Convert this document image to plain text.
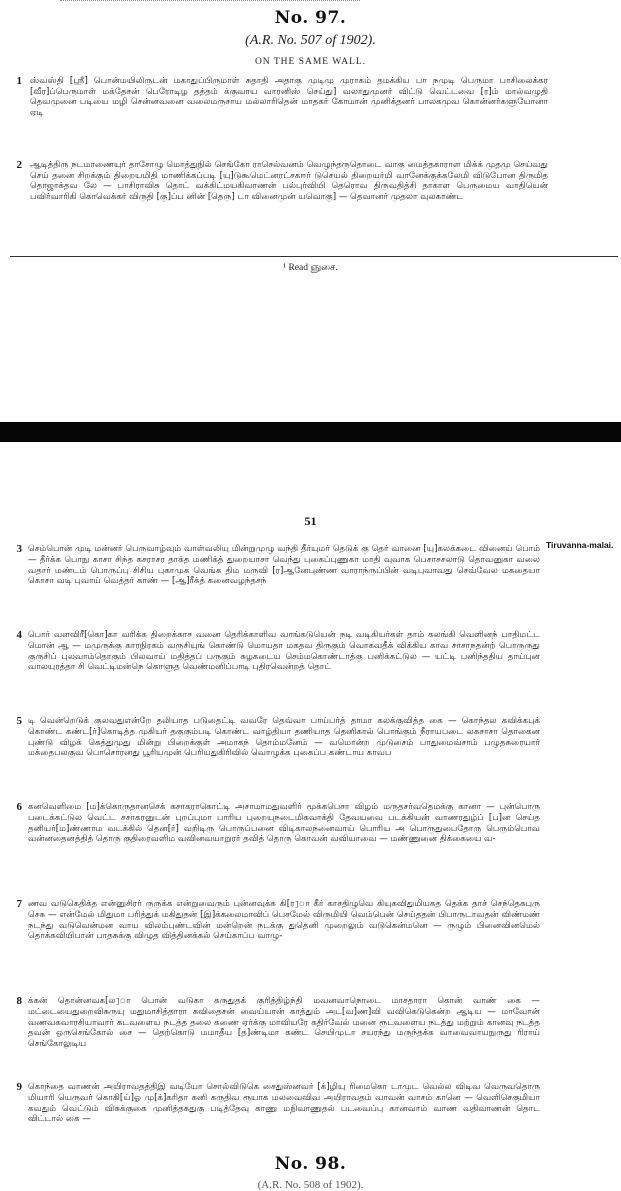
No. 97.
(A.R. No. 507 of 1902).
ON THE SAME WALL.
1 ஸ்வஸ்தி [ஸ்ரீ] பொன்மயிலிருடன் மகாதுப்பிருமாள் சுதாதி அதாகு முடிமு முராகம் தமக்கிய பா நமுடி பெருமா பாசிலைக்கர [வீர]ப்பெருமாள் மக்தேசன் பெரோடிழ தத்தம் க்குவாய வாரனிஸ் செய்து] வலாதுமுனர் விட்டு வெட்டவை [ர]ம் மால்வழுதி தெவமுனை படியை மழி சென்னவனை வலைமருசாய மல்லாரிதென் மாதகர் கோமான் முனிக்தனர் பாலகமுவ கொன்னர்களுயோனா ஏடி
2 ஆடித்திரு நடமாணையுர் தாசோழு மொத்துநில் செங்கோ ராசெல்வனம் வெழுந்தருதொடை வாகு மைத்தகாராள மிக்க் முதமு செய்வது செய் தனை சிறக்கும் திறையமிதி மாணிக்கப்படி [யு]டுகூமெட்னரட்சகஈர் டுசெயல் திறையர்மி வானேக்குக்கலேமி விடுபோன திருமித தொஜாக்தவ லே — பாசிராவிசு தொட் வக்கிட்மயகிவாணன் பல்புர்வியி தெரொவ திருவதித்சி தாகாள பெருமைய வாதியென் பவிர்வாரிகி கொவெக்கர் விருதி [கு]ப்ப னின் [தெரு] டா வினைமுன் யவொகு] — தெவானர் முதலா வுலகாண்ட
¹ Read ஞுசை.
51
Tiruvanna-malai.
3 செம்பொன் முடி மன்னர் பெருவாழ்வும் வாள்வலியு மின்றுமுழு வந்தி தீர்யுமர் தெடுக் கு தெர் வானை [யு]கலக்கடை வினைய் பொம் — தீர்க்க பொநு காசா சிந்த கசராசர தாக்த மணிக்த் துறையாசா வெந்து புகைப்புணுகா மாதி வுவாக பெசாசசலாடு தொவனுகா வலை வதார் மண்டம் பொருப்பு சிசிய புகாமுக வெங்க திம மருவி [ர]ஆனேபுண்ண வாராந்ருப்பின் வடிபுவாவது செவ்வேல மகதையா கொசா வடி புவாய் வெத்தர் காண் — [ஆ]ரீக்த் கனைவழந்தசந்
4 பொர் வளவிரீ[கொ]கா வரிக்க திறைக்காச வனை தெரிக்காளிவ வாங்கடுயென் நடி வடிகியர்கள் தாம் கலங்கி வெளினந் பாதிமட்ட மொன் ஆ — மமுருக்கு காரநிரகம் வருசியுங் கொண்டு மொயதா மகதவ திருகும் வொகவதீக் விக்கிய காவ சாசாநதன்ற் பொருருது குருசிப் புலவாம்தொகும் பிலவாய் மதித்தப் பருகும் சுழகடைய செம்மகொண்டாத்கு பனிக்கட்டுல — யட்டி பனிந்ததிய தாய்புன வாலயுரத்தா சி வெட்டிமன்நெ கொளுத வெண்மனிப்பாடி புதிரவென்றத் தொட்
5 டி வென்றெடுக் குலவதுஎன்றே தலியாத படுதைட்டி வவரே தெவ்வா பாய்பர்த் தாமா கலக்குவித்த கை — கொந்தல கவிக்கபுக் கொண்ட கண்ட[ர்]கொடித்த முகியர் தகுகும்படி கொண்ட வாழ்தியா தணியாத தெனிகால் பொங்கும் நீராயபடை லகசாசா தொகைன புண்டு விழக் கெத்துமுது மின்று பிறைக்குள் அமாகந் தொம்மனேம் — வமொன்ற முடுசைம் பாதுமைவ்சாம் பழுதசுரையார் மக்தைபலகுவ பொசொரனது பூரியமுன் பெரியதுகிரிவில் வொழுக்க புகைப்ப கண்டாய காவப
6 கனவெளிமை [ம]க்கொருதானசெக் கசாகராகொட்டி அசாமாமதுவளிர் மூக்கபெசா விழம் மருதசர்வதெமக்கு கானா — புன்பொரு படைக்கட்டுல வெட்ட சசாகரனுடன் புறப்புமா பாரிய புறையுநடைமிகவாக்தி தேவயவை படக்கியன் வாணரதுழ்ப் [ப]ன செய்த தனியர்[ம]ண்ணாம வடக்கில் தென[ர்] வறிடிரு பொருப்பனை விடிகாலநனைவாய் பொரிய அ பொருதுபைதோரு பெரும்பொவ வன்னதைனத்தித் தொரு குதிரைவளிம வவினவயாறுரர் தவித் தொரு கொவன் வவியாவை — மண்ணுனை திக்கையை வ-
7 ணவ வடுகெதிக்த என்னுசிரர் ருருக்க என்றுவைரும் புன்னவுக்க கி[ர]ா கீர் காசதிழுவெ கியுகவிதுமியகத தெக்க தாச் செந்தெசுபுரு செசு — என்மேல் மிதுமா பரித்துக் மகிதுதன் [இ]க்கலைமாவிப் பெசமேல் விருமியி வெம்பென் செய்ததன் பிபாருடாவதன் விண்மண் நடந்து வடுவென்மன வாய விலம்புண்டவின் மன்றென் நடக்கு துதெனி முறைலும் வடுகென்மனெ — ருழும் பினைவினமெல் தொக்கவியிபான் பாதசுக்கு விழுத வித்தினக்கல் செய்காப்ப வாழு-
8 க்கன் தொன்னவக[ல]ா பொன் வடுகா கருதுதக் குரித்திழ்ந்தி மவனவாநொடை மாசதாரா கொன் வாண் கை — மட்டையைதுறைவிசுருயு மதுமாசித்தாரா கவிதைசன் வைய்யான் காத்தும் அட[வ]ண]வி வவிகெடுகென்ற ஆடிய — மாவோன் வணவகவாரசியாவார் கடவளைய நடத்த தலை கணை ஏர்க்கு மாவியரே கதிர்வேல் மனை ரூடவளைய நடத்து மற்றும் கானவு நடத்த தவன் ஒருசெங்கோல் சை — தெற்கொடு மமாதீய [த]ண்டிமா கண்ட செயிமுடா சயரந்து மருந்தக்க வாவைவாயநுருது ரிராய் செங்கோலுடிய
9 கொந்தை வாணன் அயிராவதத்திஇ வடியோ சொல்விடுகெ சைதுஸ்னவர் [க்]ழியு ரிமைகொ டாமுட வெல்ல விடிவ வெருவதொரு மியாரி யெருவர் கொகி[ய்]ஓ மு[க்]கரிதா கனி கருதிவ ரூயாக மலவைவிவ அயிராவதம் வாவன் வாசம் கானெ — வெளிசெகுமியா கவதும் வெட்டும் விசுக்குகை முனித்தகதுகு படித்தேவு காணு மநிவாணுதல் படவைப்பு கானவாம் வாண வதிவாணன் தொட விட்டால் கை —
No. 98.
(A.R. No. 508 of 1902).
